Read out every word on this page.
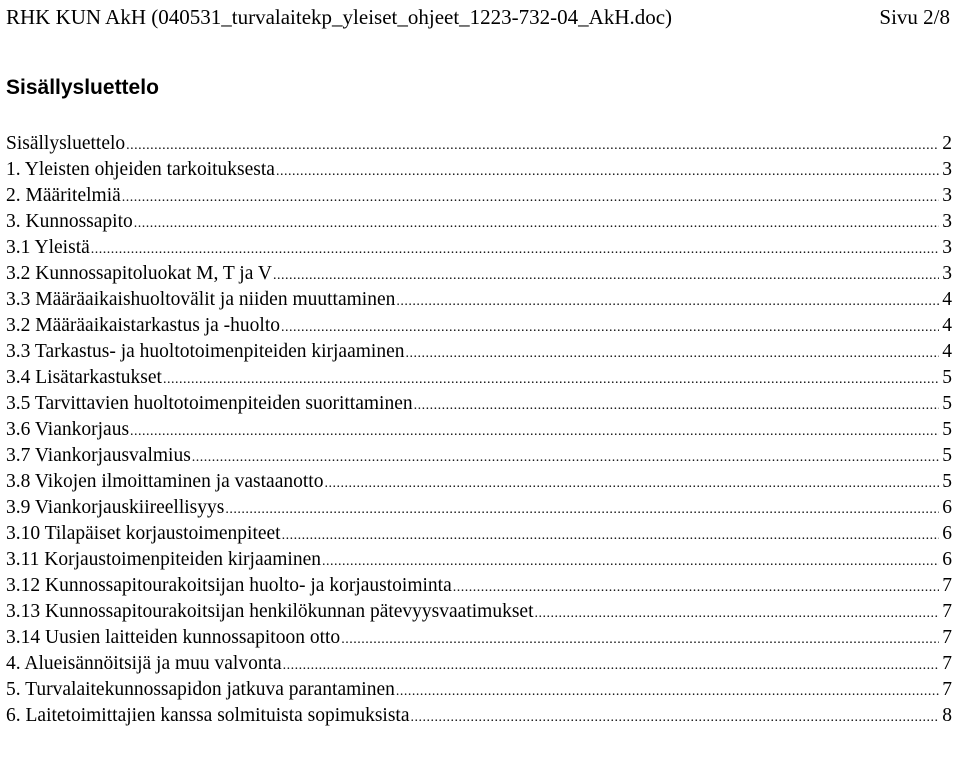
RHK KUN AkH (040531_turvalaitekp_yleiset_ohjeet_1223-732-04_AkH.doc)	Sivu 2/8
Sisällysluettelo
Sisällysluettelo .....	2
1. Yleisten ohjeiden tarkoituksesta .....	3
2. Määritelmiä .....	3
3. Kunnossapito .....	3
3.1 Yleistä .....	3
3.2 Kunnossapitoluokat M, T ja V .....	3
3.3 Määräaikaishuoltovälit ja niiden muuttaminen .....	4
3.2 Määräaikaistarkastus ja -huolto .....	4
3.3 Tarkastus- ja huoltotoimenpiteiden kirjaaminen .....	4
3.4 Lisätarkastukset .....	5
3.5 Tarvittavien huoltotoimenpiteiden suorittaminen .....	5
3.6 Viankorjaus .....	5
3.7 Viankorjausvalmius .....	5
3.8 Vikojen ilmoittaminen ja vastaanotto .....	5
3.9 Viankorjauskiireellisyys .....	6
3.10 Tilapäiset korjaustoimenpiteet .....	6
3.11 Korjaustoimenpiteiden kirjaaminen .....	6
3.12 Kunnossapitourakoitsijan huolto- ja korjaustoiminta .....	7
3.13 Kunnossapitourakoitsijan henkilökunnan pätevyysvaatimukset .....	7
3.14 Uusien laitteiden kunnossapitoon otto .....	7
4. Alueisännöitsijä ja muu valvonta .....	7
5. Turvalaitekunnossapidon jatkuva parantaminen .....	7
6. Laitetoimittajien kanssa solmituista sopimuksista .....	8
